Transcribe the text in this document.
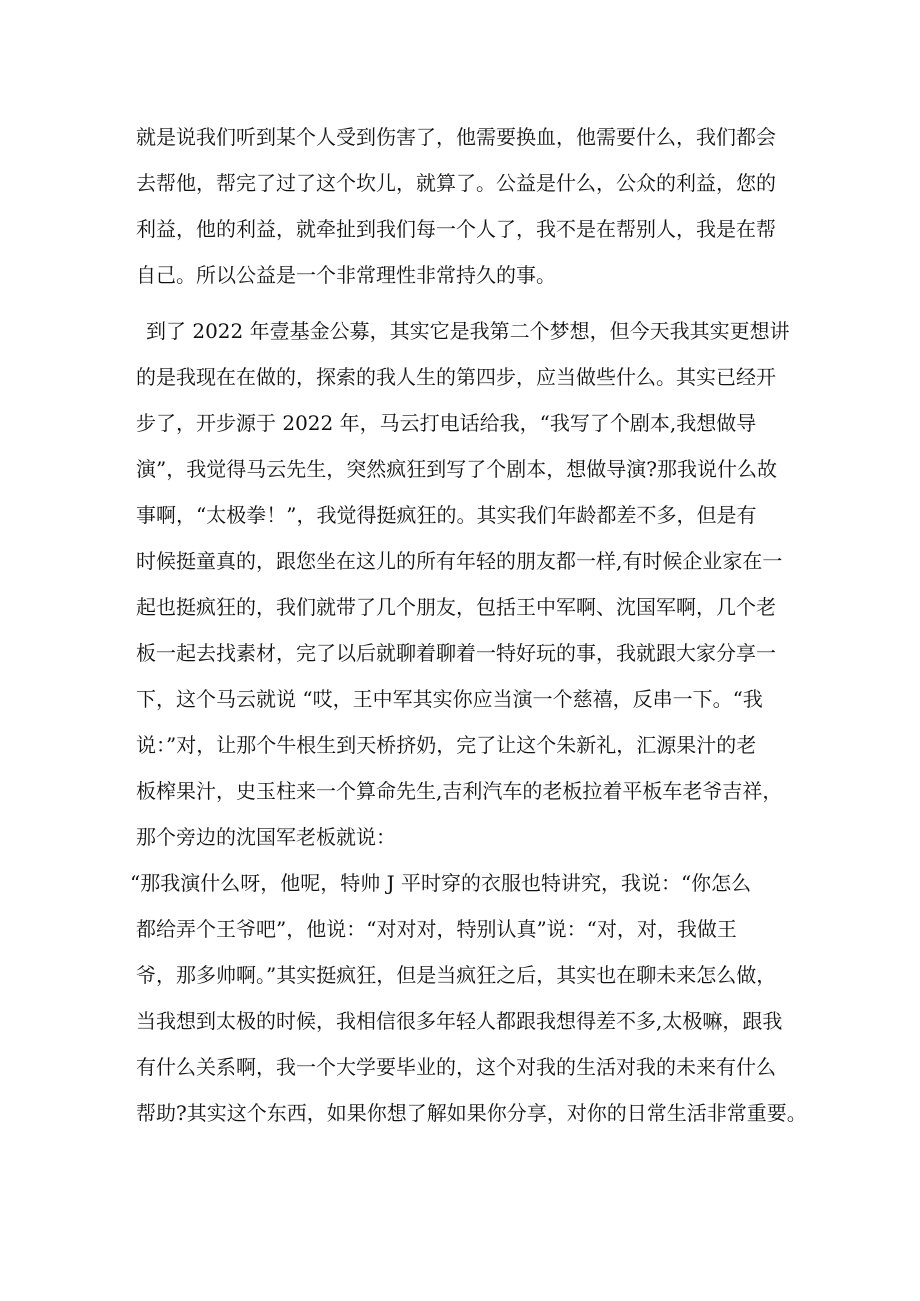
就是说我们听到某个人受到伤害了，他需要换血，他需要什么，我们都会
去帮他，帮完了过了这个坎儿，就算了。公益是什么，公众的利益，您的
利益，他的利益，就牵扯到我们每一个人了，我不是在帮别人，我是在帮
自己。所以公益是一个非常理性非常持久的事。
到了 2022 年壹基金公募，其实它是我第二个梦想，但今天我其实更想讲
的是我现在在做的，探索的我人生的第四步，应当做些什么。其实已经开
步了，开步源于 2022 年，马云打电话给我，“我写了个剧本,我想做导
演”，我觉得马云先生，突然疯狂到写了个剧本，想做导演?那我说什么故
事啊，“太极拳！”，我觉得挺疯狂的。其实我们年龄都差不多，但是有
时候挺童真的，跟您坐在这儿的所有年轻的朋友都一样,有时候企业家在一
起也挺疯狂的，我们就带了几个朋友，包括王中军啊、沈国军啊，几个老
板一起去找素材，完了以后就聊着聊着一特好玩的事，我就跟大家分享一
下，这个马云就说 “哎，王中军其实你应当演一个慈禧，反串一下。“我
说：”对，让那个牛根生到天桥挤奶，完了让这个朱新礼，汇源果汁的老
板榨果汁，史玉柱来一个算命先生,吉利汽车的老板拉着平板车老爷吉祥，
那个旁边的沈国军老板就说：
“那我演什么呀，他呢，特帅 J 平时穿的衣服也特讲究，我说：“你怎么
都给弄个王爷吧”，他说：“对对对，特别认真”说：“对，对，我做王
爷，那多帅啊。”其实挺疯狂，但是当疯狂之后，其实也在聊未来怎么做，
当我想到太极的时候，我相信很多年轻人都跟我想得差不多,太极嘛，跟我
有什么关系啊，我一个大学要毕业的，这个对我的生活对我的未来有什么
帮助?其实这个东西，如果你想了解如果你分享，对你的日常生活非常重要。
